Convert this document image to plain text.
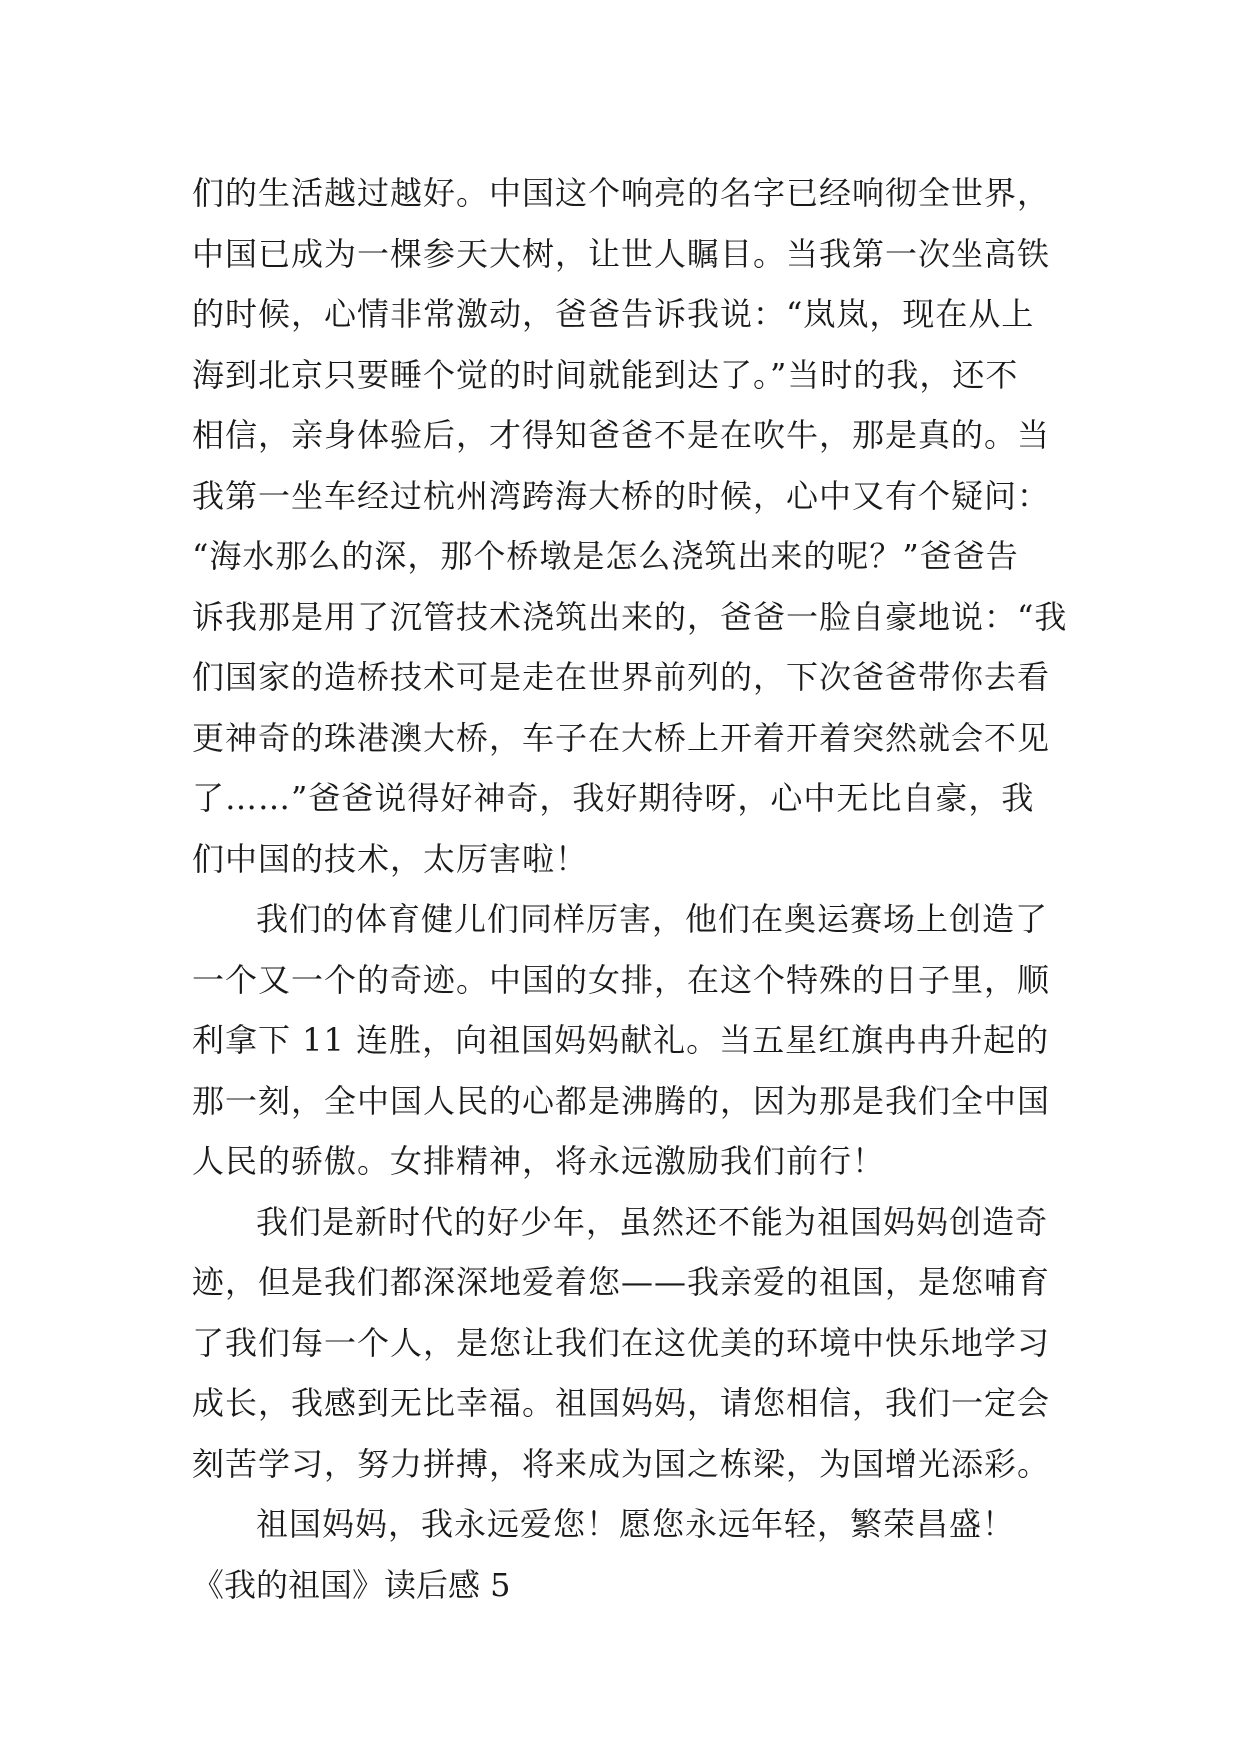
们的生活越过越好。中国这个响亮的名字已经响彻全世界，
中国已成为一棵参天大树，让世人瞩目。当我第一次坐高铁
的时候，心情非常激动，爸爸告诉我说：“岚岚，现在从上
海到北京只要睡个觉的时间就能到达了。”当时的我，还不
相信，亲身体验后，才得知爸爸不是在吹牛，那是真的。当
我第一坐车经过杭州湾跨海大桥的时候，心中又有个疑问：
“海水那么的深，那个桥墩是怎么浇筑出来的呢？”爸爸告
诉我那是用了沉管技术浇筑出来的，爸爸一脸自豪地说：“我
们国家的造桥技术可是走在世界前列的，下次爸爸带你去看
更神奇的珠港澳大桥，车子在大桥上开着开着突然就会不见
了……”爸爸说得好神奇，我好期待呀，心中无比自豪，我
们中国的技术，太厉害啦！
我们的体育健儿们同样厉害，他们在奥运赛场上创造了
一个又一个的奇迹。中国的女排，在这个特殊的日子里，顺
利拿下 11 连胜，向祖国妈妈献礼。当五星红旗冉冉升起的
那一刻，全中国人民的心都是沸腾的，因为那是我们全中国
人民的骄傲。女排精神，将永远激励我们前行！
我们是新时代的好少年，虽然还不能为祖国妈妈创造奇
迹，但是我们都深深地爱着您——我亲爱的祖国，是您哺育
了我们每一个人，是您让我们在这优美的环境中快乐地学习
成长，我感到无比幸福。祖国妈妈，请您相信，我们一定会
刻苦学习，努力拼搏，将来成为国之栋梁，为国增光添彩。
祖国妈妈，我永远爱您！愿您永远年轻，繁荣昌盛！
《我的祖国》读后感 5
